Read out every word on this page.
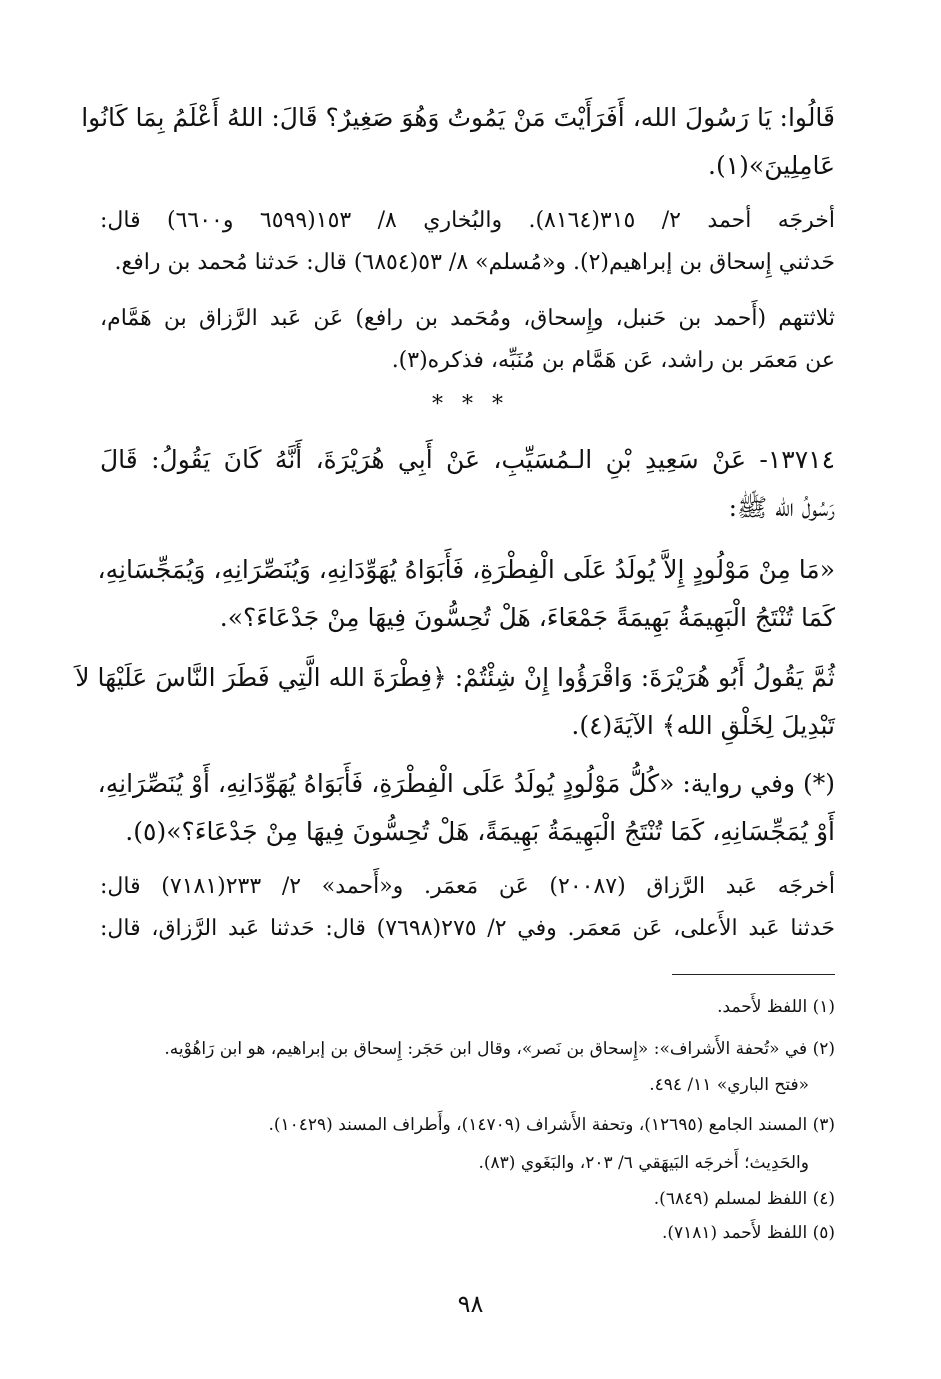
قَالُوا: يَا رَسُولَ الله، أَفَرَأَيْتَ مَنْ يَمُوتُ وَهُوَ صَغِيرٌ؟ قَالَ: اللهُ أَعْلَمُ بِمَا كَانُوا

عَامِلِينَ»(١).

أخرجَه أحمد ٢/ ٣١٥(٨١٦٤). والبُخاري ٨/ ١٥٣(٦٥٩٩ و٦٦٠٠) قال:

حَدثني إِسحاق بن إبراهيم(٢). و«مُسلم» ٨/ ٥٣(٦٨٥٤) قال: حَدثنا مُحمد بن رافع.

ثلاثتهم (أَحمد بن حَنبل، وإِسحاق، ومُحَمد بن رافع) عَن عَبد الرَّزاق بن هَمَّام،

عن مَعمَر بن راشد، عَن هَمَّام بن مُنَبِّه، فذكره(٣).

* * *

١٣٧١٤- عَنْ سَعِيدِ بْنِ الـمُسَيِّبِ، عَنْ أَبِي هُرَيْرَةَ، أَنَّهُ كَانَ يَقُولُ: قَالَ

رَسُولُ الله ﷺ:

«مَا مِنْ مَوْلُودٍ إِلاَّ يُولَدُ عَلَى الْفِطْرَةِ، فَأَبَوَاهُ يُهَوِّدَانِهِ، وَيُنَصِّرَانِهِ، وَيُمَجِّسَانِهِ،

كَمَا تُنْتَجُ الْبَهِيمَةُ بَهِيمَةً جَمْعَاءَ، هَلْ تُحِسُّونَ فِيهَا مِنْ جَدْعَاءَ؟».

ثُمَّ يَقُولُ أَبُو هُرَيْرَةَ: وَاقْرَؤُوا إِنْ شِئْتُمْ: ﴿فِطْرَةَ الله الَّتِي فَطَرَ النَّاسَ عَلَيْهَا لاَ

تَبْدِيلَ لِخَلْقِ الله﴾ الآيَةَ(٤).

(*) وفي رواية: «كُلُّ مَوْلُودٍ يُولَدُ عَلَى الْفِطْرَةِ، فَأَبَوَاهُ يُهَوِّدَانِهِ، أَوْ يُنَصِّرَانِهِ،

أَوْ يُمَجِّسَانِهِ، كَمَا تُنْتَجُ الْبَهِيمَةُ بَهِيمَةً، هَلْ تُحِسُّونَ فِيهَا مِنْ جَدْعَاءَ؟»(٥).

أخرجَه عَبد الرَّزاق (٢٠٠٨٧) عَن مَعمَر. و«أَحمد» ٢/ ٢٣٣(٧١٨١) قال:

حَدثنا عَبد الأَعلى، عَن مَعمَر. وفي ٢/ ٢٧٥(٧٦٩٨) قال: حَدثنا عَبد الرَّزاق، قال:

(١) اللفظ لأَحمد.

(٢) في «تُحفة الأَشراف»: «إِسحاق بن نَصر»، وقال ابن حَجَر: إِسحاق بن إبراهيم، هو ابن رَاهُوْيه.

«فتح الباري» ١١/ ٤٩٤.

(٣) المسند الجامع (١٢٦٩٥)، وتحفة الأَشراف (١٤٧٠٩)، وأَطراف المسند (١٠٤٢٩).

والحَدِيث؛ أَخرجَه البَيهَقي ٦/ ٢٠٣، والبَغَوي (٨٣).

(٤) اللفظ لمسلم (٦٨٤٩).

(٥) اللفظ لأَحمد (٧١٨١).

٩٨
